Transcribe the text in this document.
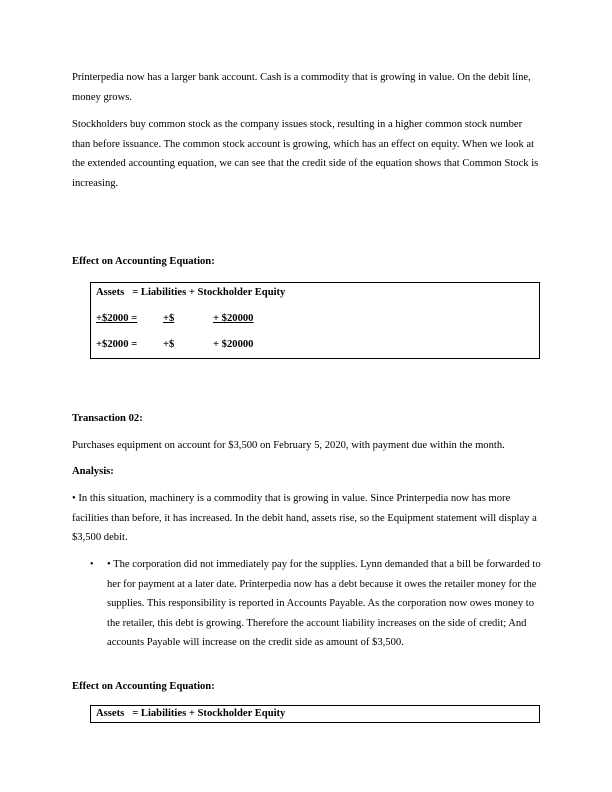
Printerpedia now has a larger bank account. Cash is a commodity that is growing in value. On the debit line, money grows.

Stockholders buy common stock as the company issues stock, resulting in a higher common stock number than before issuance. The common stock account is growing, which has an effect on equity. When we look at the extended accounting equation, we can see that the credit side of the equation shows that Common Stock is increasing.

Effect on Accounting Equation:

Assets   = Liabilities + Stockholder Equity
+$2000 = +$	+ $20000
+$2000 = +$	+ $20000

Transaction 02:

Purchases equipment on account for $3,500 on February 5, 2020, with payment due within the month.

Analysis:

• In this situation, machinery is a commodity that is growing in value. Since Printerpedia now has more facilities than before, it has increased. In the debit hand, assets rise, so the Equipment statement will display a $3,500 debit.

• • The corporation did not immediately pay for the supplies. Lynn demanded that a bill be forwarded to her for payment at a later date. Printerpedia now has a debt because it owes the retailer money for the supplies. This responsibility is reported in Accounts Payable. As the corporation now owes money to the retailer, this debt is growing. Therefore the account liability increases on the side of credit; And accounts Payable will increase on the credit side as amount of $3,500.

Effect on Accounting Equation:

Assets   = Liabilities + Stockholder Equity
